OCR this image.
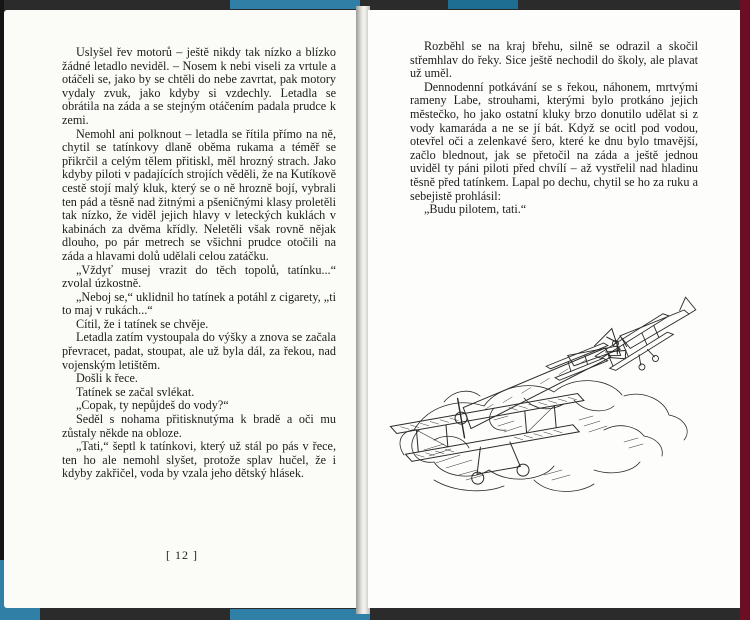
Uslyšel řev motorů – ještě nikdy tak nízko a blízko žádné letadlo neviděl. – Nosem k nebi viseli za vrtule a otáčeli se, jako by se chtěli do nebe zavrtat, pak motory vydaly zvuk, jako kdyby si vzdechly. Letadla se obrátila na záda a se stejným otáčením padala prudce k zemi.

Nemohl ani polknout – letadla se řítila přímo na ně, chytil se tatínkovy dlaně oběma rukama a téměř se přikrčil a celým tělem přitiskl, měl hrozný strach. Jako kdyby piloti v padajících strojích věděli, že na Kutíkově cestě stojí malý kluk, který se o ně hrozně bojí, vybrali ten pád a těsně nad žitnými a pšeničnými klasy proletěli tak nízko, že viděl jejich hlavy v leteckých kuklách v kabinách za dvěma křídly. Neletěli však rovně nějak dlouho, po pár metrech se všichni prudce otočili na záda a hlavami dolů udělali celou zatáčku.

„Vždyť musej vrazit do těch topolů, tatínku...“ zvolal úzkostně.

„Neboj se,“ uklidnil ho tatínek a potáhl z cigarety, „ti to maj v rukách...“

Cítil, že i tatínek se chvěje.

Letadla zatím vystoupala do výšky a znova se začala převracet, padat, stoupat, ale už byla dál, za řekou, nad vojenským letištěm.

Došli k řece.

Tatínek se začal svlékat.

„Copak, ty nepůjdeš do vody?“

Seděl s nohama přitisknutýma k bradě a oči mu zůstaly někde na obloze.

„Tati,“ šeptl k tatínkovi, který už stál po pás v řece, ten ho ale nemohl slyšet, protože splav hučel, že i kdyby zakřičel, voda by vzala jeho dětský hlásek.

[ 12 ]

Rozběhl se na kraj břehu, silně se odrazil a skočil střemhlav do řeky. Sice ještě nechodil do školy, ale plavat už uměl.

Dennodenní potkávání se s řekou, náhonem, mrtvými rameny Labe, strouhami, kterými bylo protkáno jejich městečko, ho jako ostatní kluky brzo donutilo udělat si z vody kamaráda a ne se jí bát. Když se ocitl pod vodou, otevřel oči a zelenkavé šero, které ke dnu bylo tmavější, začlo blednout, jak se přetočil na záda a ještě jednou uviděl ty páni piloti před chvílí – až vystřelil nad hladinu těsně před tatínkem. Lapal po dechu, chytil se ho za ruku a sebejistě prohlásil:

„Budu pilotem, tati.“
